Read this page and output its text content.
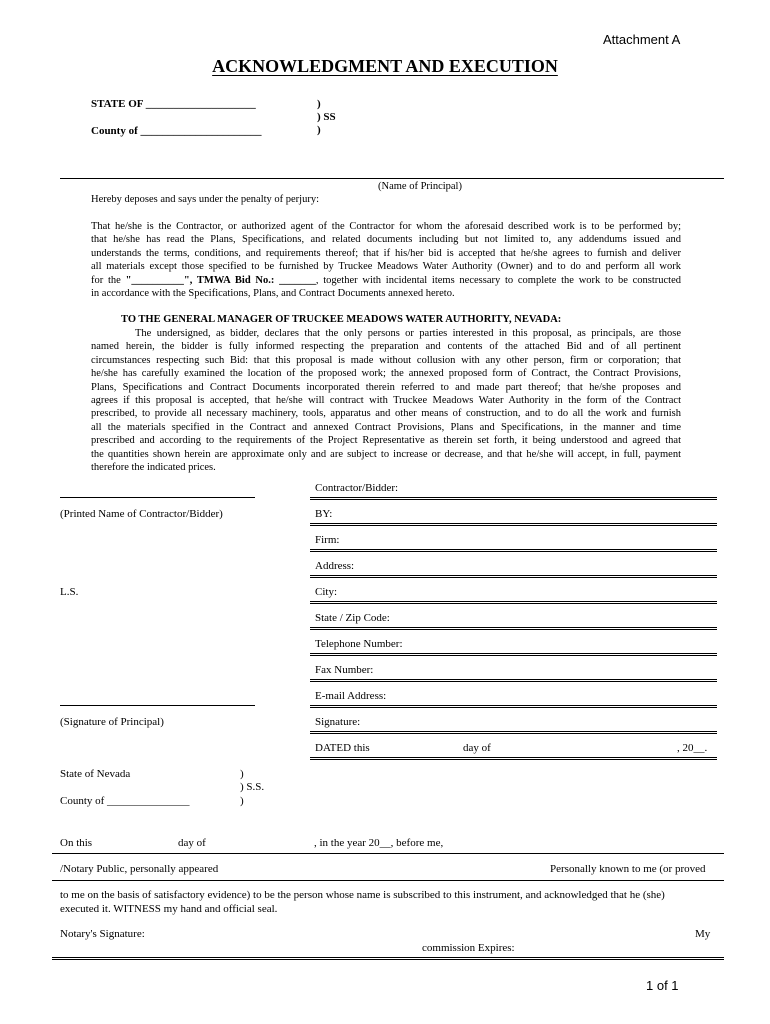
Attachment A
ACKNOWLEDGMENT AND EXECUTION
STATE OF ____________________
County of ______________________
)
) SS
)
(Name of Principal)
Hereby deposes and says under the penalty of perjury:
That he/she is the Contractor, or authorized agent of the Contractor for whom the aforesaid described work is to be performed by;
that he/she has read the Plans, Specifications, and related documents including but not limited to, any addendums issued and
understands the terms, conditions, and requirements thereof; that if his/her bid is accepted that he/she agrees to furnish and deliver
all materials except those specified to be furnished by Truckee Meadows Water Authority (Owner) and to do and perform all work
for the "__________", TMWA Bid No.: _______, together with incidental items necessary to complete the work to be constructed
in accordance with the Specifications, Plans, and Contract Documents annexed hereto.
TO THE GENERAL MANAGER OF TRUCKEE MEADOWS WATER AUTHORITY, NEVADA:
The undersigned, as bidder, declares that the only persons or parties interested in this proposal, as principals, are those
named herein, the bidder is fully informed respecting the preparation and contents of the attached Bid and of all pertinent
circumstances respecting such Bid: that this proposal is made without collusion with any other person, firm or corporation; that
he/she has carefully examined the location of the proposed work; the annexed proposed form of Contract, the Contract Provisions,
Plans, Specifications and Contract Documents incorporated therein referred to and made part thereof; that he/she proposes and
agrees if this proposal is accepted, that he/she will contract with Truckee Meadows Water Authority in the form of the Contract
prescribed, to provide all necessary machinery, tools, apparatus and other means of construction, and to do all the work and furnish
all the materials specified in the Contract and annexed Contract Provisions, Plans and Specifications, in the manner and time
prescribed and according to the requirements of the Project Representative as therein set forth, it being understood and agreed that
the quantities shown herein are approximate only and are subject to increase or decrease, and that he/she will accept, in full, payment
therefore the indicated prices.
Contractor/Bidder:
BY:
Firm:
Address:
City:
State / Zip Code:
Telephone Number:
Fax Number:
E-mail Address:
Signature:
DATED this	day of	, 20__.
(Printed Name of Contractor/Bidder)
L.S.
(Signature of Principal)
State of Nevada
County of _______________
)
) S.S.
)
On this	day of	, in the year 20__, before me,
/Notary Public, personally appeared	Personally known to me (or proved
to me on the basis of satisfactory evidence) to be the person whose name is subscribed to this instrument, and acknowledged that he (she)
executed it. WITNESS my hand and official seal.
Notary's Signature:	My
commission Expires:
1 of 1
